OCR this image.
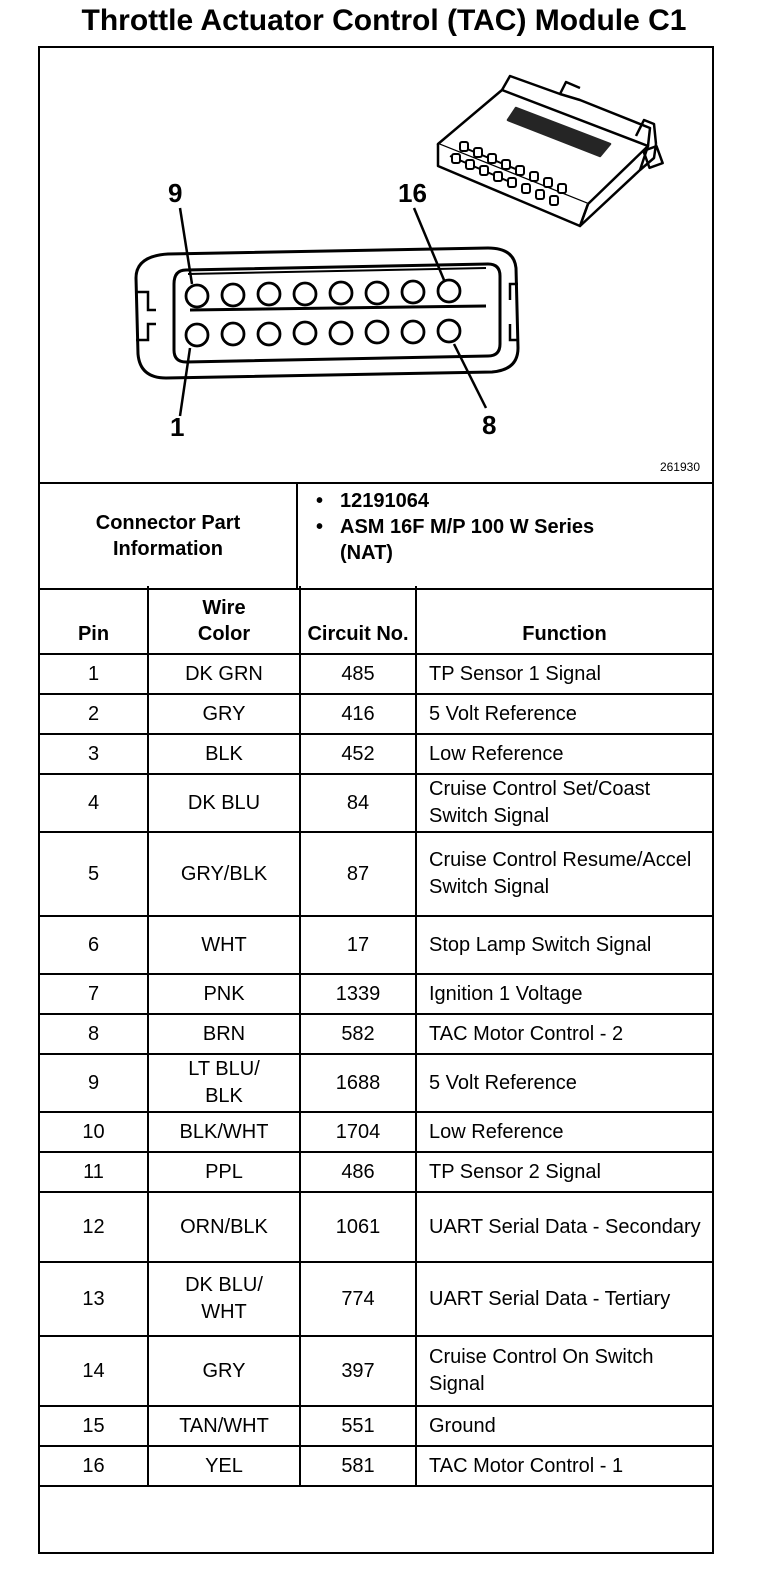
Throttle Actuator Control (TAC) Module C1
9	16
1	8
261930
Connector Part Information
• 12191064
• ASM 16F M/P 100 W Series (NAT)
Pin	Wire Color	Circuit No.	Function
1	DK GRN	485	TP Sensor 1 Signal
2	GRY	416	5 Volt Reference
3	BLK	452	Low Reference
4	DK BLU	84	Cruise Control Set/Coast Switch Signal
5	GRY/BLK	87	Cruise Control Resume/Accel Switch Signal
6	WHT	17	Stop Lamp Switch Signal
7	PNK	1339	Ignition 1 Voltage
8	BRN	582	TAC Motor Control - 2
9	LT BLU/ BLK	1688	5 Volt Reference
10	BLK/WHT	1704	Low Reference
11	PPL	486	TP Sensor 2 Signal
12	ORN/BLK	1061	UART Serial Data - Secondary
13	DK BLU/ WHT	774	UART Serial Data - Tertiary
14	GRY	397	Cruise Control On Switch Signal
15	TAN/WHT	551	Ground
16	YEL	581	TAC Motor Control - 1
